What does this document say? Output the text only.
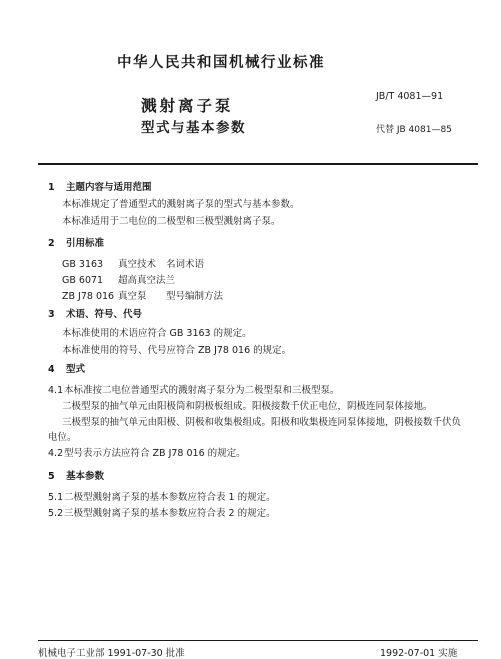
中华人民共和国机械行业标准
JB/T 4081—91
溅射离子泵
型式与基本参数	代替 JB 4081—85
1 主题内容与适用范围
本标准规定了普通型式的溅射离子泵的型式与基本参数。
本标准适用于二电位的二极型和三极型溅射离子泵。
2 引用标准
GB 3163 真空技术 名词术语
GB 6071 超高真空法兰
ZB J78 016 真空泵 型号编制方法
3 术语、符号、代号
本标准使用的术语应符合 GB 3163 的规定。
本标准使用的符号、代号应符合 ZB J78 016 的规定。
4 型式
4.1本标准按二电位普通型式的溅射离子泵分为二极型泵和三极型泵。
二极型泵的抽气单元由阳极筒和阴极板组成。阳极接数千伏正电位，阴极连同泵体接地。
三极型泵的抽气单元由阳极、阴极和收集极组成。阳极和收集极连同泵体接地，阴极接数千伏负
电位。
4.2型号表示方法应符合 ZB J78 016 的规定。
5 基本参数
5.1二极型溅射离子泵的基本参数应符合表 1 的规定。
5.2三极型溅射离子泵的基本参数应符合表 2 的规定。
机械电子工业部 1991-07-30 批准	1992-07-01 实施
